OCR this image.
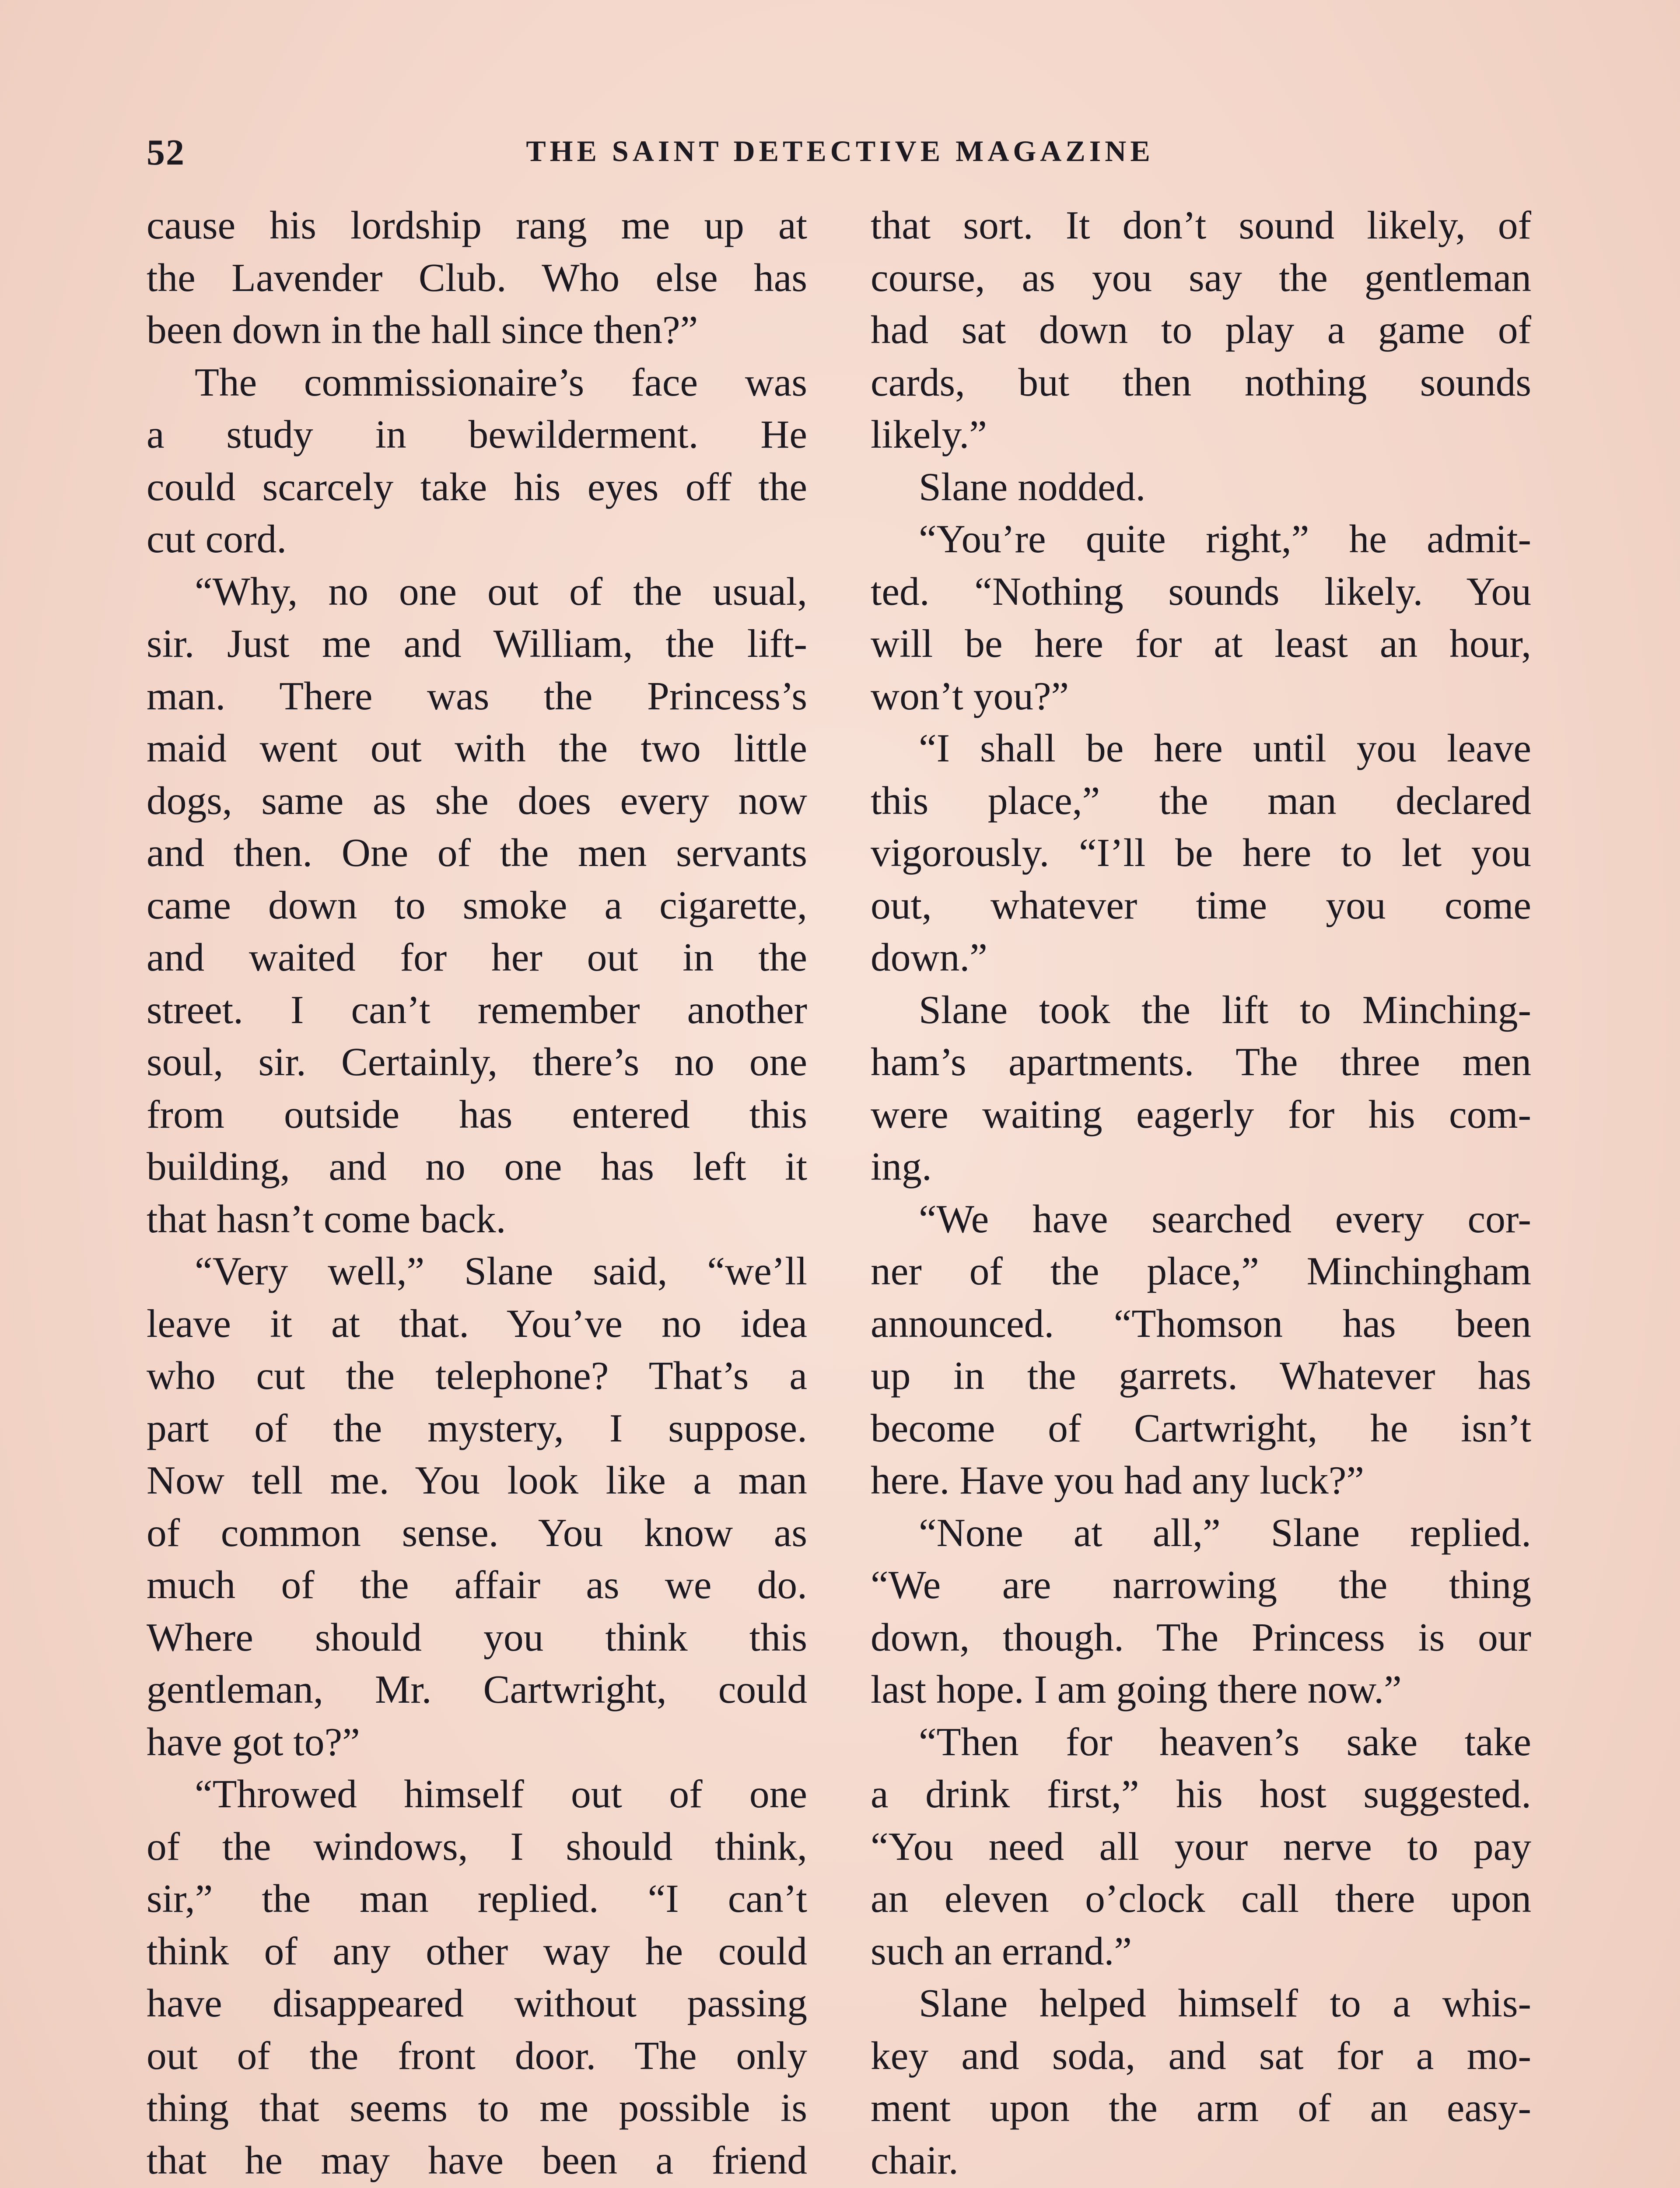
52	THE SAINT DETECTIVE MAGAZINE
cause his lordship rang me up at
the Lavender Club. Who else has
been down in the hall since then?”
The commissionaire’s face was
a study in bewilderment. He
could scarcely take his eyes off the
cut cord.
“Why, no one out of the usual,
sir. Just me and William, the lift-
man. There was the Princess’s
maid went out with the two little
dogs, same as she does every now
and then. One of the men servants
came down to smoke a cigarette,
and waited for her out in the
street. I can’t remember another
soul, sir. Certainly, there’s no one
from outside has entered this
building, and no one has left it
that hasn’t come back.
“Very well,” Slane said, “we’ll
leave it at that. You’ve no idea
who cut the telephone? That’s a
part of the mystery, I suppose.
Now tell me. You look like a man
of common sense. You know as
much of the affair as we do.
Where should you think this
gentleman, Mr. Cartwright, could
have got to?”
“Throwed himself out of one
of the windows, I should think,
sir,” the man replied. “I can’t
think of any other way he could
have disappeared without passing
out of the front door. The only
thing that seems to me possible is
that he may have been a friend
that sort. It don’t sound likely, of
course, as you say the gentleman
had sat down to play a game of
cards, but then nothing sounds
likely.”
Slane nodded.
“You’re quite right,” he admit-
ted. “Nothing sounds likely. You
will be here for at least an hour,
won’t you?”
“I shall be here until you leave
this place,” the man declared
vigorously. “I’ll be here to let you
out, whatever time you come
down.”
Slane took the lift to Minching-
ham’s apartments. The three men
were waiting eagerly for his com-
ing.
“We have searched every cor-
ner of the place,” Minchingham
announced. “Thomson has been
up in the garrets. Whatever has
become of Cartwright, he isn’t
here. Have you had any luck?”
“None at all,” Slane replied.
“We are narrowing the thing
down, though. The Princess is our
last hope. I am going there now.”
“Then for heaven’s sake take
a drink first,” his host suggested.
“You need all your nerve to pay
an eleven o’clock call there upon
such an errand.”
Slane helped himself to a whis-
key and soda, and sat for a mo-
ment upon the arm of an easy-
chair.
